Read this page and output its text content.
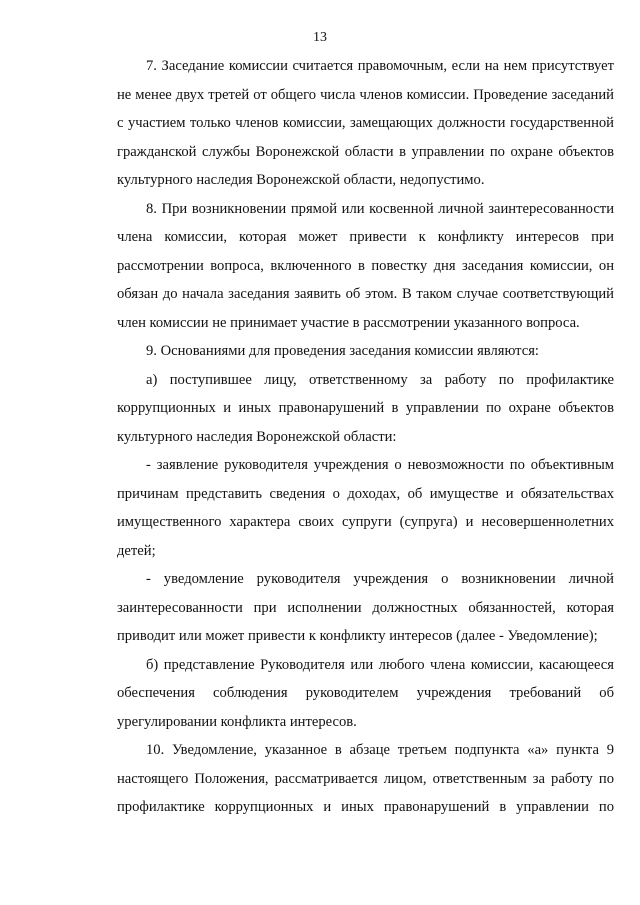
13

7. Заседание комиссии считается правомочным, если на нем присутствует не менее двух третей от общего числа членов комиссии. Проведение заседаний с участием только членов комиссии, замещающих должности государственной гражданской службы Воронежской области в управлении по охране объектов культурного наследия Воронежской области, недопустимо.

8. При возникновении прямой или косвенной личной заинтересованности члена комиссии, которая может привести к конфликту интересов при рассмотрении вопроса, включенного в повестку дня заседания комиссии, он обязан до начала заседания заявить об этом. В таком случае соответствующий член комиссии не принимает участие в рассмотрении указанного вопроса.

9. Основаниями для проведения заседания комиссии являются:

а) поступившее лицу, ответственному за работу по профилактике коррупционных и иных правонарушений в управлении по охране объектов культурного наследия Воронежской области:

- заявление руководителя учреждения о невозможности по объективным причинам представить сведения о доходах, об имуществе и обязательствах имущественного характера своих супруги (супруга) и несовершеннолетних детей;

- уведомление руководителя учреждения о возникновении личной заинтересованности при исполнении должностных обязанностей, которая приводит или может привести к конфликту интересов (далее - Уведомление);

б) представление Руководителя или любого члена комиссии, касающееся обеспечения соблюдения руководителем учреждения требований об урегулировании конфликта интересов.

10. Уведомление, указанное в абзаце третьем подпункта «а» пункта 9 настоящего Положения, рассматривается лицом, ответственным за работу по профилактике коррупционных и иных правонарушений в управлении по
